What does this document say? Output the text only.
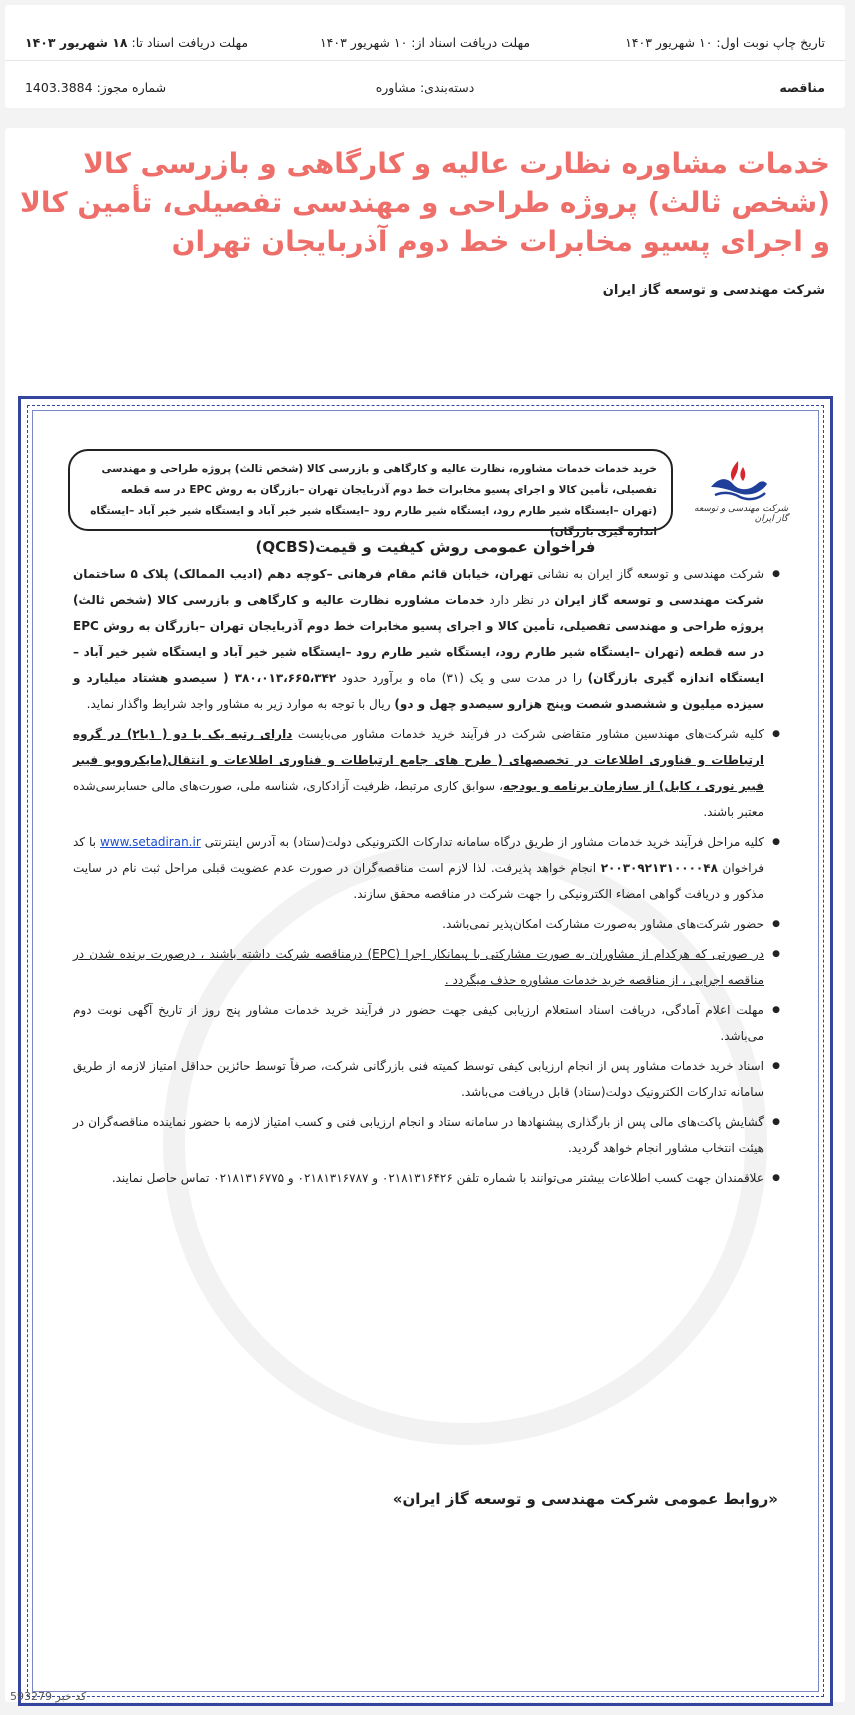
تاریخ چاپ نوبت اول: ۱۰ شهریور ۱۴۰۳
مهلت دریافت اسناد از: ۱۰ شهریور ۱۴۰۳
مهلت دریافت اسناد تا: ۱۸ شهریور ۱۴۰۳
مناقصه
دسته‌بندی: مشاوره
شماره مجوز: 1403.3884
خدمات مشاوره نظارت عالیه و کارگاهی و بازرسی کالا (شخص ثالث) پروژه طراحی و مهندسی تفصیلی، تأمین کالا و اجرای پسیو مخابرات خط دوم آذربایجان تهران

شرکت مهندسی و توسعه گاز ایران

شرکت مهندسی و توسعه گاز ایران
خرید خدمات خدمات مشاوره، نظارت عالیه و کارگاهی و بازرسی کالا (شخص ثالث) پروژه طراحی و مهندسی تفصیلی، تأمین کالا و اجرای پسیو مخابرات خط دوم آذربایجان تهران –بازرگان به روش EPC در سه قطعه (تهران –ایستگاه شیر طارم رود، ایستگاه شیر طارم رود –ایستگاه شیر خیر آباد و ایستگاه شیر خیر آباد –ایستگاه اندازه گیری بازرگان)
فراخوان عمومی روش کیفیت و قیمت(QCBS)
● شرکت مهندسی و توسعه گاز ایران به نشانی تهران، خیابان قائم مقام فرهانی –کوچه دهم (ادیب الممالک) پلاک ۵ ساختمان شرکت مهندسی و توسعه گاز ایران در نظر دارد خدمات مشاوره نظارت عالیه و کارگاهی و بازرسی کالا (شخص ثالث) پروژه طراحی و مهندسی تفصیلی، تأمین کالا و اجرای پسیو مخابرات خط دوم آذربایجان تهران –بازرگان به روش EPC در سه قطعه (تهران –ایستگاه شیر طارم رود، ایستگاه شیر طارم رود –ایستگاه شیر خیر آباد و ایستگاه شیر خیر آباد –ایستگاه اندازه گیری بازرگان) را در مدت سی و یک (۳۱) ماه و برآورد حدود ۳۸۰،۰۱۳،۶۶۵،۳۴۲ ( سیصدو هشتاد میلیارد و سیزده میلیون و ششصدو شصت وپنج هزارو سیصدو چهل و دو) ریال با توجه به موارد زیر به مشاور واجد شرایط واگذار نماید.
● کلیه شرکت‌های مهندسین مشاور متقاضی شرکت در فرآیند خرید خدمات مشاور می‌بایست دارای رتبه یک یا دو ( ۱یا۲) در گروه ارتباطات و فناوری اطلاعات در تخصصهای ( طرح های جامع ارتباطات و فناوری اطلاعات و انتقال(مایکروویو فیبر فیبر نوری ، کابل) از سازمان برنامه و بودجه، سوابق کاری مرتبط، ظرفیت آزادکاری، شناسه ملی، صورت‌های مالی حسابرسی‌شده معتبر باشند.
● کلیه مراحل فرآیند خرید خدمات مشاور از طریق درگاه سامانه تدارکات الکترونیکی دولت(ستاد) به آدرس اینترنتی www.setadiran.ir با کد فراخوان ۲۰۰۳۰۹۲۱۳۱۰۰۰۰۴۸ انجام خواهد پذیرفت. لذا لازم است مناقصه‌گران در صورت عدم عضویت قبلی مراحل ثبت نام در سایت مذکور و دریافت گواهی امضاء الکترونیکی را جهت شرکت در مناقصه محقق سازند.
● حضور شرکت‌های مشاور به‌صورت مشارکت امکان‌پذیر نمی‌باشد.
● در صورتی که هرکدام از مشاوران به صورت مشارکتی با پیمانکار اجرا (EPC) درمناقصه شرکت داشته باشند ، درصورت برنده شدن در مناقصه اجرایی ، از مناقصه خرید خدمات مشاوره حذف میگردد .
● مهلت اعلام آمادگی، دریافت اسناد استعلام ارزیابی کیفی جهت حضور در فرآیند خرید خدمات مشاور پنج روز از تاریخ آگهی نوبت دوم می‌باشد.
● اسناد خرید خدمات مشاور پس از انجام ارزیابی کیفی توسط کمیته فنی بازرگانی شرکت، صرفاً توسط حائزین حداقل امتیاز لازمه از طریق سامانه تدارکات الکترونیک دولت(ستاد) قابل دریافت می‌باشد.
● گشایش پاکت‌های مالی پس از بارگذاری پیشنهادها در سامانه ستاد و انجام ارزیابی فنی و کسب امتیاز لازمه با حضور نماینده مناقصه‌گران در هیئت انتخاب مشاور انجام خواهد گردید.
● علاقمندان جهت کسب اطلاعات بیشتر می‌توانند با شماره تلفن ۰۲۱۸۱۳۱۶۴۲۶ و ۰۲۱۸۱۳۱۶۷۸۷ و ۰۲۱۸۱۳۱۶۷۷۵ تماس حاصل نمایند.
«روابط عمومی شرکت مهندسی و توسعه گاز ایران»
کد خبر 593279
